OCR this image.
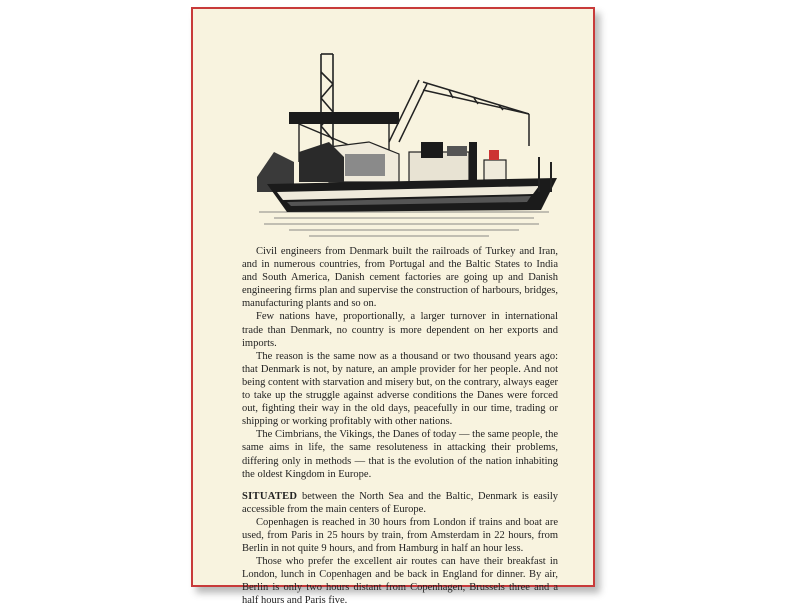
Civil engineers from Denmark built the railroads of Turkey and Iran, and in numerous countries, from Portugal and the Baltic States to India and South America, Danish cement factories are going up and Danish engineering firms plan and supervise the construction of harbours, bridges, manufacturing plants and so on.

Few nations have, proportionally, a larger turnover in international trade than Denmark, no country is more dependent on her exports and imports.

The reason is the same now as a thousand or two thousand years ago: that Denmark is not, by nature, an ample provider for her people. And not being content with starvation and misery but, on the contrary, always eager to take up the struggle against adverse conditions the Danes were forced out, fighting their way in the old days, peacefully in our time, trading or shipping or working profitably with other nations.

The Cimbrians, the Vikings, the Danes of today — the same people, the same aims in life, the same resoluteness in attacking their problems, differing only in methods — that is the evolution of the nation inhabiting the oldest Kingdom in Europe.

SITUATED between the North Sea and the Baltic, Denmark is easily accessible from the main centers of Europe.

Copenhagen is reached in 30 hours from London if trains and boat are used, from Paris in 25 hours by train, from Amsterdam in 22 hours, from Berlin in not quite 9 hours, and from Hamburg in half an hour less.

Those who prefer the excellent air routes can have their breakfast in London, lunch in Copenhagen and be back in England for dinner. By air, Berlin is only two hours distant from Copenhagen, Brussels three and a half hours and Paris five.
